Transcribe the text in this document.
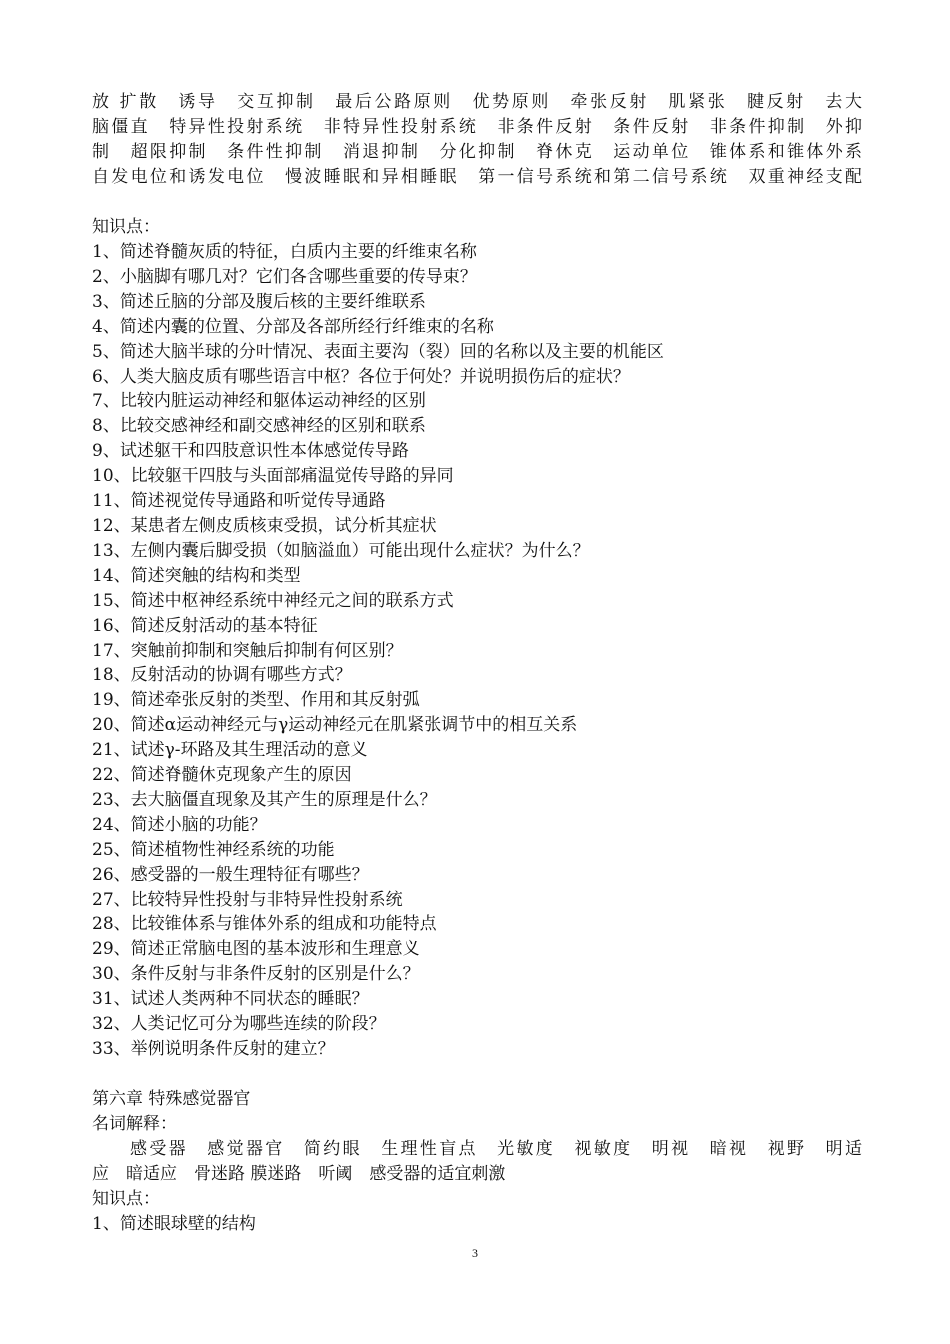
放 扩散　诱导　交互抑制　最后公路原则　优势原则　牵张反射　肌紧张　腱反射　去大
脑僵直　特异性投射系统　非特异性投射系统　非条件反射　条件反射　非条件抑制　外抑
制　超限抑制　条件性抑制　消退抑制　分化抑制　脊休克　运动单位　锥体系和锥体外系
自发电位和诱发电位　慢波睡眠和异相睡眠　第一信号系统和第二信号系统　双重神经支配

知识点：

1、简述脊髓灰质的特征，白质内主要的纤维束名称
2、小脑脚有哪几对？它们各含哪些重要的传导束？
3、简述丘脑的分部及腹后核的主要纤维联系
4、简述内囊的位置、分部及各部所经行纤维束的名称
5、简述大脑半球的分叶情况、表面主要沟（裂）回的名称以及主要的机能区
6、人类大脑皮质有哪些语言中枢？各位于何处？并说明损伤后的症状？
7、比较内脏运动神经和躯体运动神经的区别
8、比较交感神经和副交感神经的区别和联系
9、试述躯干和四肢意识性本体感觉传导路
10、比较躯干四肢与头面部痛温觉传导路的异同
11、简述视觉传导通路和听觉传导通路
12、某患者左侧皮质核束受损，试分析其症状
13、左侧内囊后脚受损（如脑溢血）可能出现什么症状？为什么？
14、简述突触的结构和类型
15、简述中枢神经系统中神经元之间的联系方式
16、简述反射活动的基本特征
17、突触前抑制和突触后抑制有何区别？
18、反射活动的协调有哪些方式？
19、简述牵张反射的类型、作用和其反射弧
20、简述α运动神经元与γ运动神经元在肌紧张调节中的相互关系
21、试述γ-环路及其生理活动的意义
22、简述脊髓休克现象产生的原因
23、去大脑僵直现象及其产生的原理是什么？
24、简述小脑的功能？
25、简述植物性神经系统的功能
26、感受器的一般生理特征有哪些？
27、比较特异性投射与非特异性投射系统
28、比较锥体系与锥体外系的组成和功能特点
29、简述正常脑电图的基本波形和生理意义
30、条件反射与非条件反射的区别是什么？
31、试述人类两种不同状态的睡眠？
32、人类记忆可分为哪些连续的阶段？
33、举例说明条件反射的建立？

第六章 特殊感觉器官

名词解释：

感受器　感觉器官　简约眼　生理性盲点　光敏度　视敏度　明视　暗视　视野　明适
应　暗适应　骨迷路 膜迷路　听阈　感受器的适宜刺激

知识点：

1、简述眼球壁的结构
3
